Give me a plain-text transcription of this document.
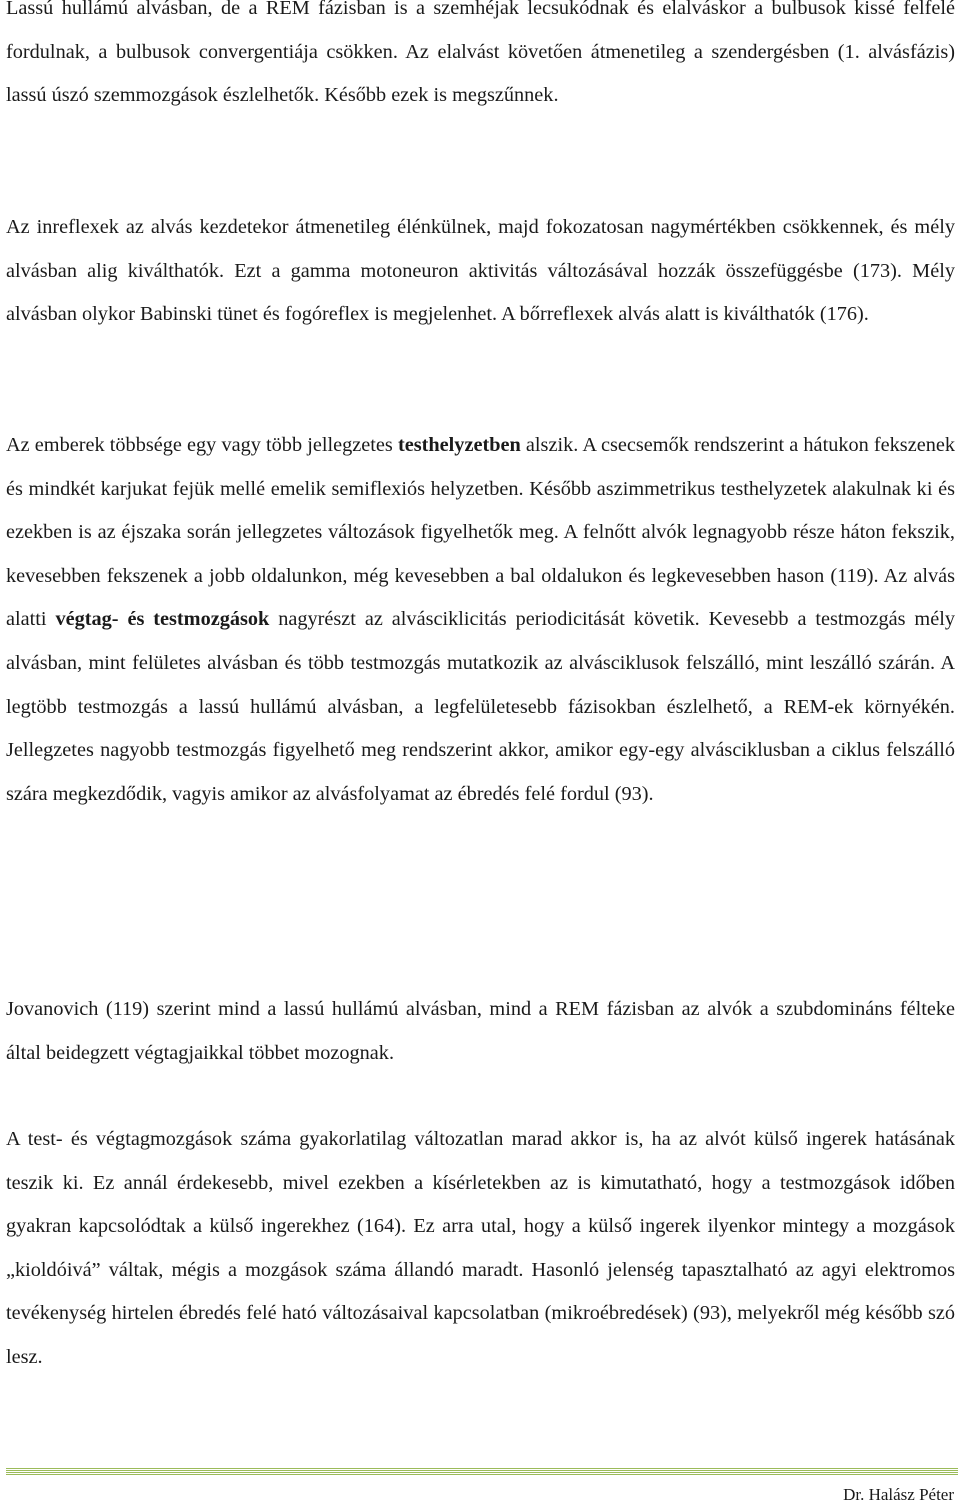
Lassú hullámú alvásban, de a REM fázisban is a szemhéjak lecsukódnak és elalváskor a bulbusok kissé felfelé fordulnak, a bulbusok convergentiája csökken. Az elalvást követően átmenetileg a szendergésben (1. alvásfázis) lassú úszó szemmozgások észlelhetők. Később ezek is megszűnnek.

Az inreflexek az alvás kezdetekor átmenetileg élénkülnek, majd fokozatosan nagymértékben csökkennek, és mély alvásban alig kiválthatók. Ezt a gamma motoneuron aktivitás változásával hozzák összefüggésbe (173). Mély alvásban olykor Babinski tünet és fogóreflex is megjelenhet. A bőrreflexek alvás alatt is kiválthatók (176).

Az emberek többsége egy vagy több jellegzetes testhelyzetben alszik. A csecsemők rendszerint a hátukon fekszenek és mindkét karjukat fejük mellé emelik semiflexiós helyzetben. Később aszimmetrikus testhelyzetek alakulnak ki és ezekben is az éjszaka során jellegzetes változások figyelhetők meg. A felnőtt alvók legnagyobb része háton fekszik, kevesebben fekszenek a jobb oldalunkon, még kevesebben a bal oldalukon és legkevesebben hason (119). Az alvás alatti végtag- és testmozgások nagyrészt az alvásciklicitás periodicitását követik. Kevesebb a testmozgás mély alvásban, mint felületes alvásban és több testmozgás mutatkozik az alvásciklusok felszálló, mint leszálló szárán. A legtöbb testmozgás a lassú hullámú alvásban, a legfelületesebb fázisokban észlelhető, a REM-ek környékén. Jellegzetes nagyobb testmozgás figyelhető meg rendszerint akkor, amikor egy-egy alvásciklusban a ciklus felszálló szára megkezdődik, vagyis amikor az alvásfolyamat az ébredés felé fordul (93).

Jovanovich (119) szerint mind a lassú hullámú alvásban, mind a REM fázisban az alvók a szubdomináns félteke által beidegzett végtagjaikkal többet mozognak.

A test- és végtagmozgások száma gyakorlatilag változatlan marad akkor is, ha az alvót külső ingerek hatásának teszik ki. Ez annál érdekesebb, mivel ezekben a kísérletekben az is kimutatható, hogy a testmozgások időben gyakran kapcsolódtak a külső ingerekhez (164). Ez arra utal, hogy a külső ingerek ilyenkor mintegy a mozgások „kioldóivá” váltak, mégis a mozgások száma állandó maradt. Hasonló jelenség tapasztalható az agyi elektromos tevékenység hirtelen ébredés felé ható változásaival kapcsolatban (mikroébredések) (93), melyekről még később szó lesz.

Dr. Halász Péter
